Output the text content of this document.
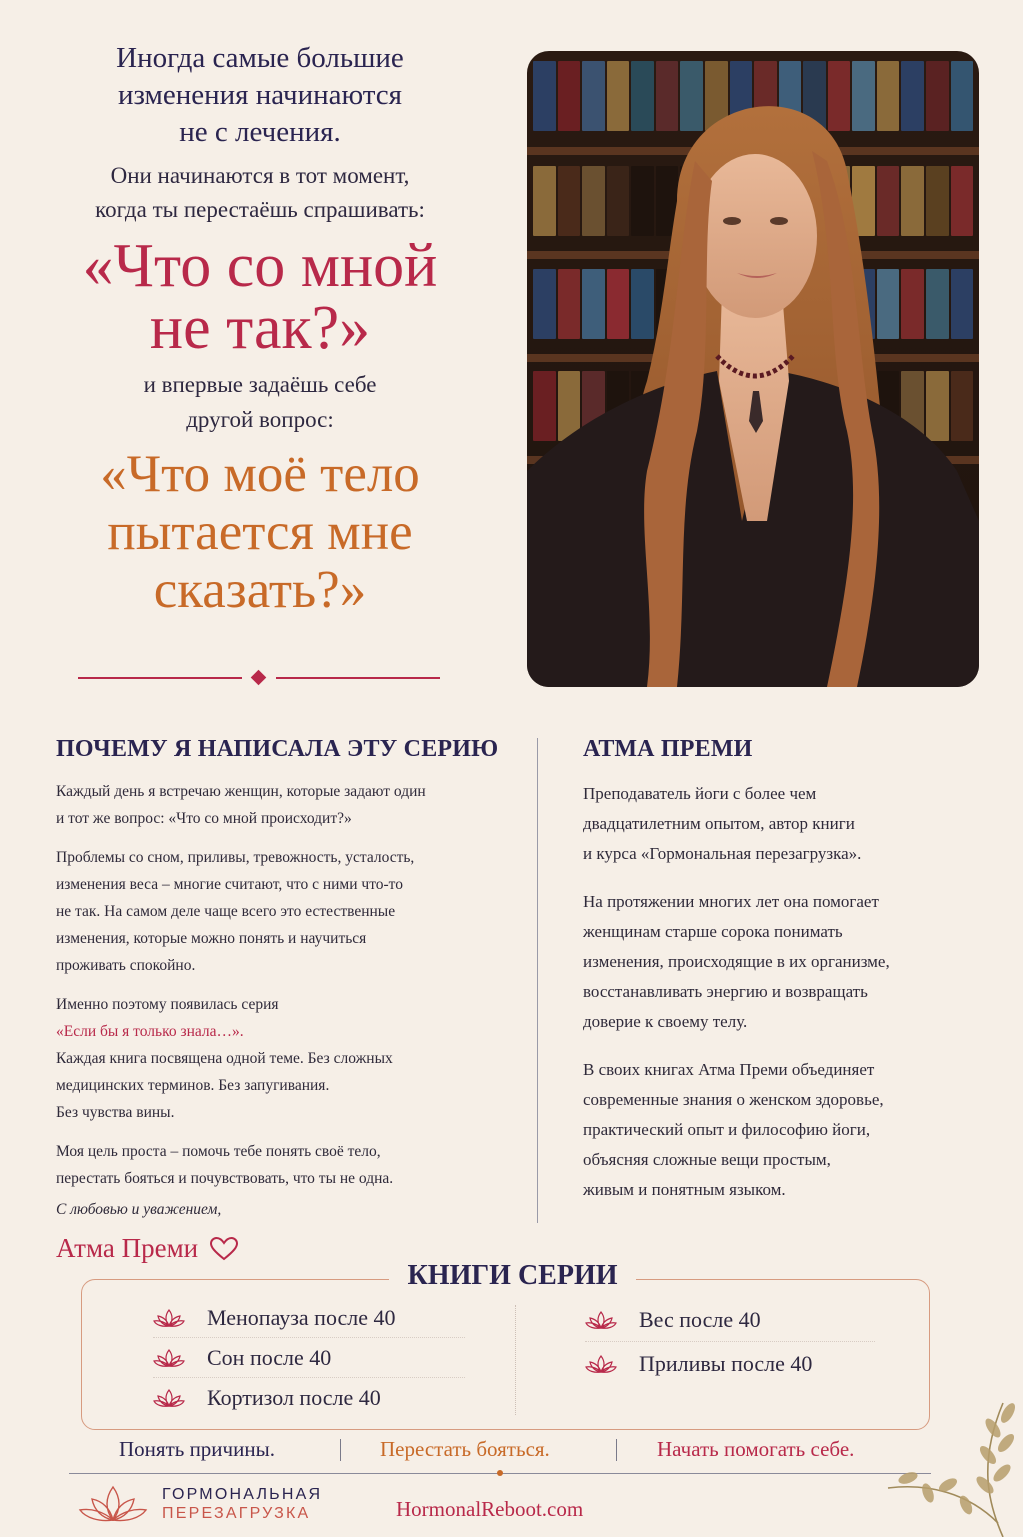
Иногда самые большие
изменения начинаются
не с лечения.
Они начинаются в тот момент,
когда ты перестаёшь спрашивать:
«Что со мной
не так?»
и впервые задаёшь себе
другой вопрос:
«Что моё тело
пытается мне
сказать?»
ПОЧЕМУ Я НАПИСАЛА ЭТУ СЕРИЮ

Каждый день я встречаю женщин, которые задают один
и тот же вопрос: «Что со мной происходит?»

Проблемы со сном, приливы, тревожность, усталость,
изменения веса – многие считают, что с ними что-то
не так. На самом деле чаще всего это естественные
изменения, которые можно понять и научиться
проживать спокойно.

Именно поэтому появилась серия
«Если бы я только знала…».
Каждая книга посвящена одной теме. Без сложных
медицинских терминов. Без запугивания.
Без чувства вины.

Моя цель проста – помочь тебе понять своё тело,
перестать бояться и почувствовать, что ты не одна.

С любовью и уважением,

Атма Преми
АТМА ПРЕМИ

Преподаватель йоги с более чем
двадцатилетним опытом, автор книги
и курса «Гормональная перезагрузка».

На протяжении многих лет она помогает
женщинам старше сорока понимать
изменения, происходящие в их организме,
восстанавливать энергию и возвращать
доверие к своему телу.

В своих книгах Атма Преми объединяет
современные знания о женском здоровье,
практический опыт и философию йоги,
объясняя сложные вещи простым,
живым и понятным языком.

КНИГИ СЕРИИ
Менопауза после 40
Сон после 40
Кортизол после 40
Вес после 40
Приливы после 40
Понять причины.	Перестать бояться.	Начать помогать себе.
ГОРМОНАЛЬНАЯ
ПЕРЕЗАГРУЗКА	HormonalReboot.com
